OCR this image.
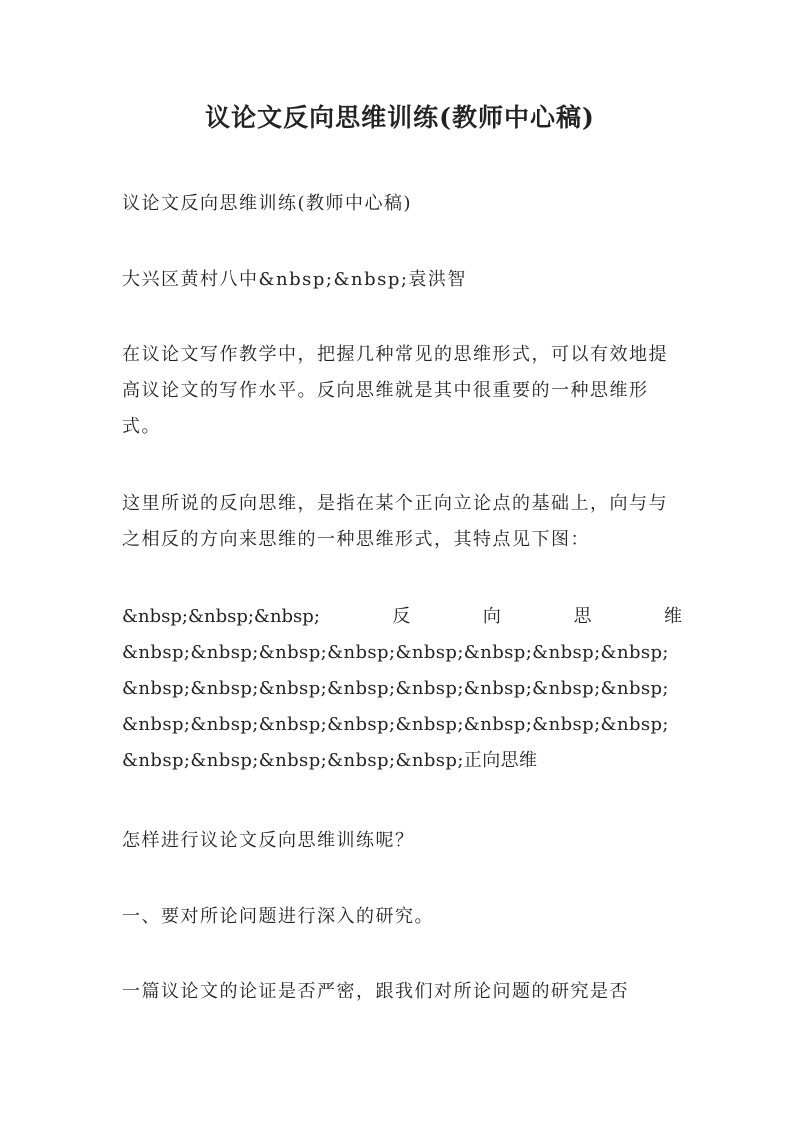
议论文反向思维训练(教师中心稿)

议论文反向思维训练(教师中心稿)

大兴区黄村八中&nbsp;&nbsp;袁洪智

在议论文写作教学中，把握几种常见的思维形式，可以有效地提高议论文的写作水平。反向思维就是其中很重要的一种思维形式。

这里所说的反向思维，是指在某个正向立论点的基础上，向与与之相反的方向来思维的一种思维形式，其特点见下图：

&nbsp;&nbsp;&nbsp;	反	向	思	维

&nbsp;&nbsp;&nbsp;&nbsp;&nbsp;&nbsp;&nbsp;&nbsp;&nbsp;&nbsp;&nbsp;&nbsp;&nbsp;&nbsp;&nbsp;&nbsp;&nbsp;&nbsp;&nbsp;&nbsp;&nbsp;&nbsp;&nbsp;&nbsp;&nbsp;&nbsp;&nbsp;&nbsp;&nbsp;正向思维

怎样进行议论文反向思维训练呢？

一、要对所论问题进行深入的研究。

一篇议论文的论证是否严密，跟我们对所论问题的研究是否
